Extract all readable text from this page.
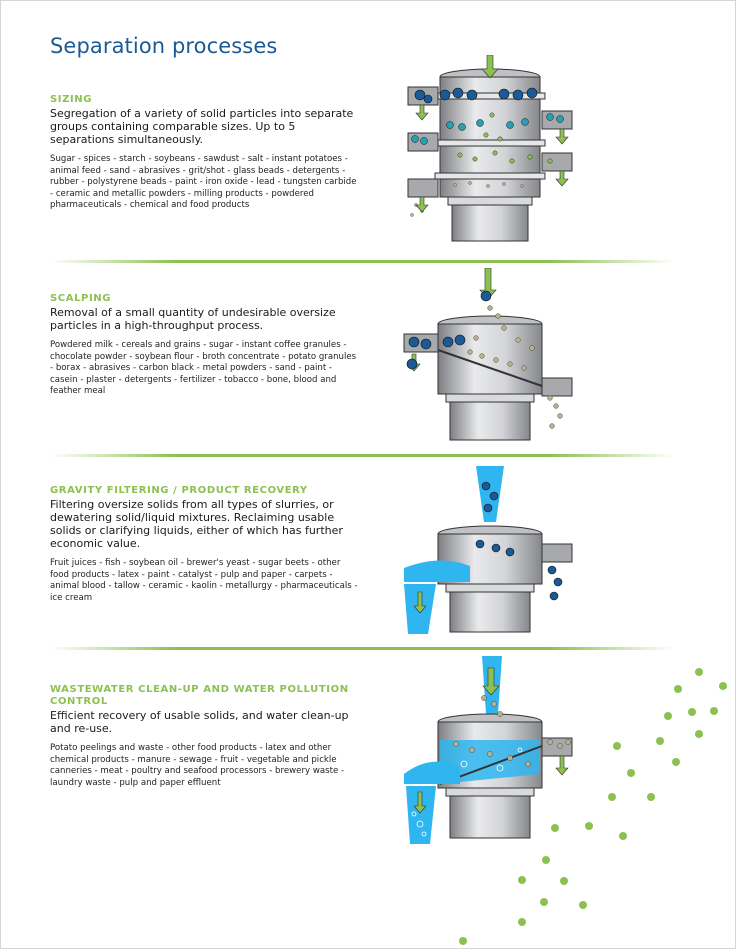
Separation processes
SIZING
Segregation of a variety of solid particles into separate groups containing comparable sizes. Up to 5 separations simultaneously.
Sugar - spices - starch - soybeans - sawdust - salt - instant potatoes - animal feed - sand - abrasives - grit/shot - glass beads - detergents - rubber - polystyrene beads - paint - iron oxide - lead - tungsten carbide - ceramic and metallic powders - milling products - powdered pharmaceuticals - chemical and food products
SCALPING
Removal of a small quantity of undesirable oversize particles in a high-throughput process.
Powdered milk - cereals and grains - sugar - instant coffee granules - chocolate powder - soybean flour - broth concentrate - potato granules - borax - abrasives - carbon black - metal powders - sand - paint - casein - plaster - detergents - fertilizer - tobacco - bone, blood and feather meal
GRAVITY FILTERING / PRODUCT RECOVERY
Filtering oversize solids from all types of slurries, or dewatering solid/liquid mixtures. Reclaiming usable solids or clarifying liquids, either of which has further economic value.
Fruit juices - fish - soybean oil - brewer's yeast - sugar beets - other food products - latex - paint - catalyst - pulp and paper - carpets - animal blood - tallow - ceramic - kaolin - metallurgy - pharmaceuticals - ice cream
WASTEWATER CLEAN-UP AND WATER POLLUTION CONTROL
Efficient recovery of usable solids, and water clean-up and re-use.
Potato peelings and waste - other food products - latex and other chemical products - manure - sewage - fruit - vegetable and pickle canneries - meat - poultry and seafood processors - brewery waste - laundry waste - pulp and paper effluent
